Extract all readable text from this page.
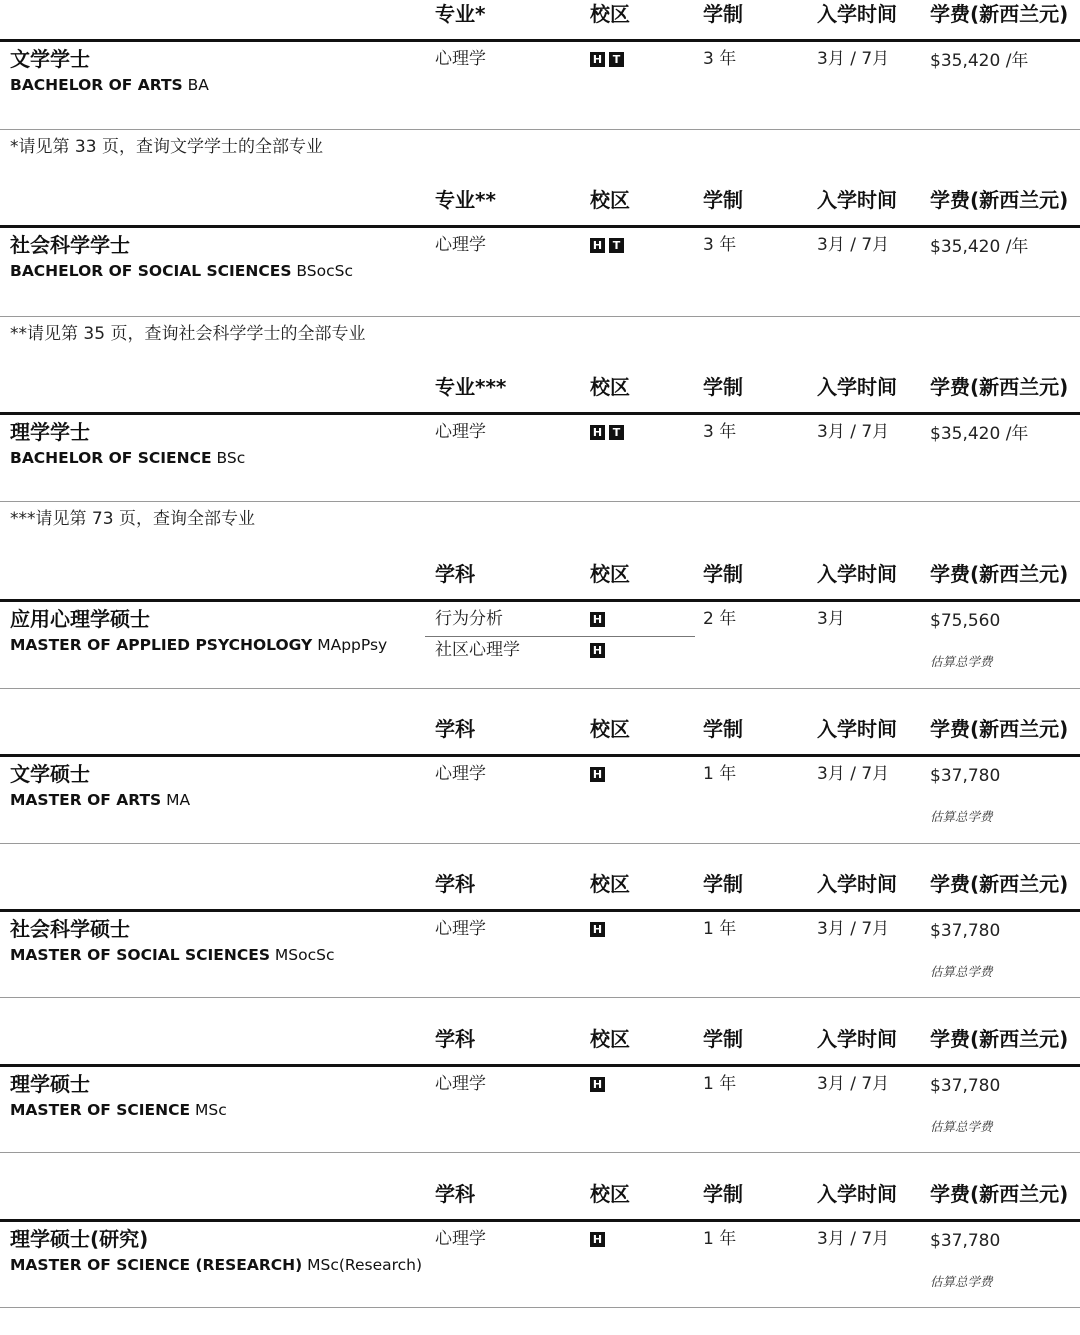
专业*	校区	学制	入学时间 学费(新西兰元)
文学学士
BACHELOR OF ARTS BA
心理学	H T	3 年	3月 / 7月 $35,420 /年
*请见第 33 页，查询文学学士的全部专业
专业**	校区	学制	入学时间 学费(新西兰元)
社会科学学士
BACHELOR OF SOCIAL SCIENCES BSocSc
心理学	H T	3 年	3月 / 7月 $35,420 /年
**请见第 35 页，查询社会科学学士的全部专业
专业***	校区	学制	入学时间 学费(新西兰元)
理学学士
BACHELOR OF SCIENCE BSc
心理学	H T	3 年	3月 / 7月 $35,420 /年
***请见第 73 页，查询全部专业
学科	校区	学制	入学时间 学费(新西兰元)
应用心理学硕士
MASTER OF APPLIED PSYCHOLOGY MAppPsy
行为分析	H
社区心理学	H
2 年	3月	$75,560
估算总学费
学科	校区	学制	入学时间 学费(新西兰元)
文学硕士
MASTER OF ARTS MA
心理学	H	1 年	3月 / 7月 $37,780
估算总学费
学科	校区	学制	入学时间 学费(新西兰元)
社会科学硕士
MASTER OF SOCIAL SCIENCES MSocSc
心理学	H	1 年	3月 / 7月 $37,780
估算总学费
学科	校区	学制	入学时间 学费(新西兰元)
理学硕士
MASTER OF SCIENCE MSc
心理学	H	1 年	3月 / 7月 $37,780
估算总学费
学科	校区	学制	入学时间 学费(新西兰元)
理学硕士(研究)
MASTER OF SCIENCE (RESEARCH) MSc(Research)
心理学	H	1 年	3月 / 7月 $37,780
估算总学费
